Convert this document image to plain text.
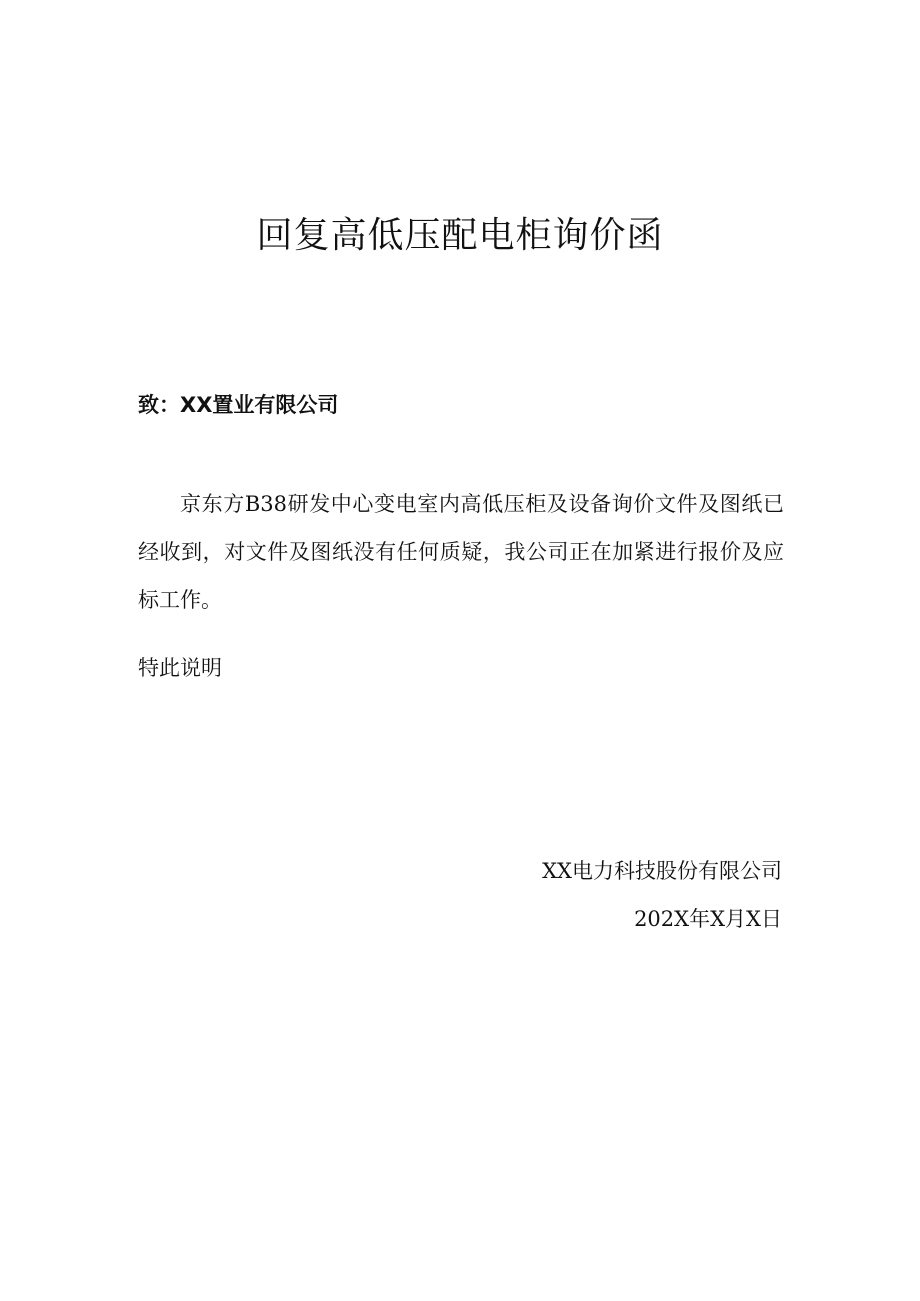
回复高低压配电柜询价函

致：XX置业有限公司

京东方B38研发中心变电室内高低压柜及设备询价文件及图纸已经收到，对文件及图纸没有任何质疑，我公司正在加紧进行报价及应标工作。

特此说明

XX电力科技股份有限公司
202X年X月X日
